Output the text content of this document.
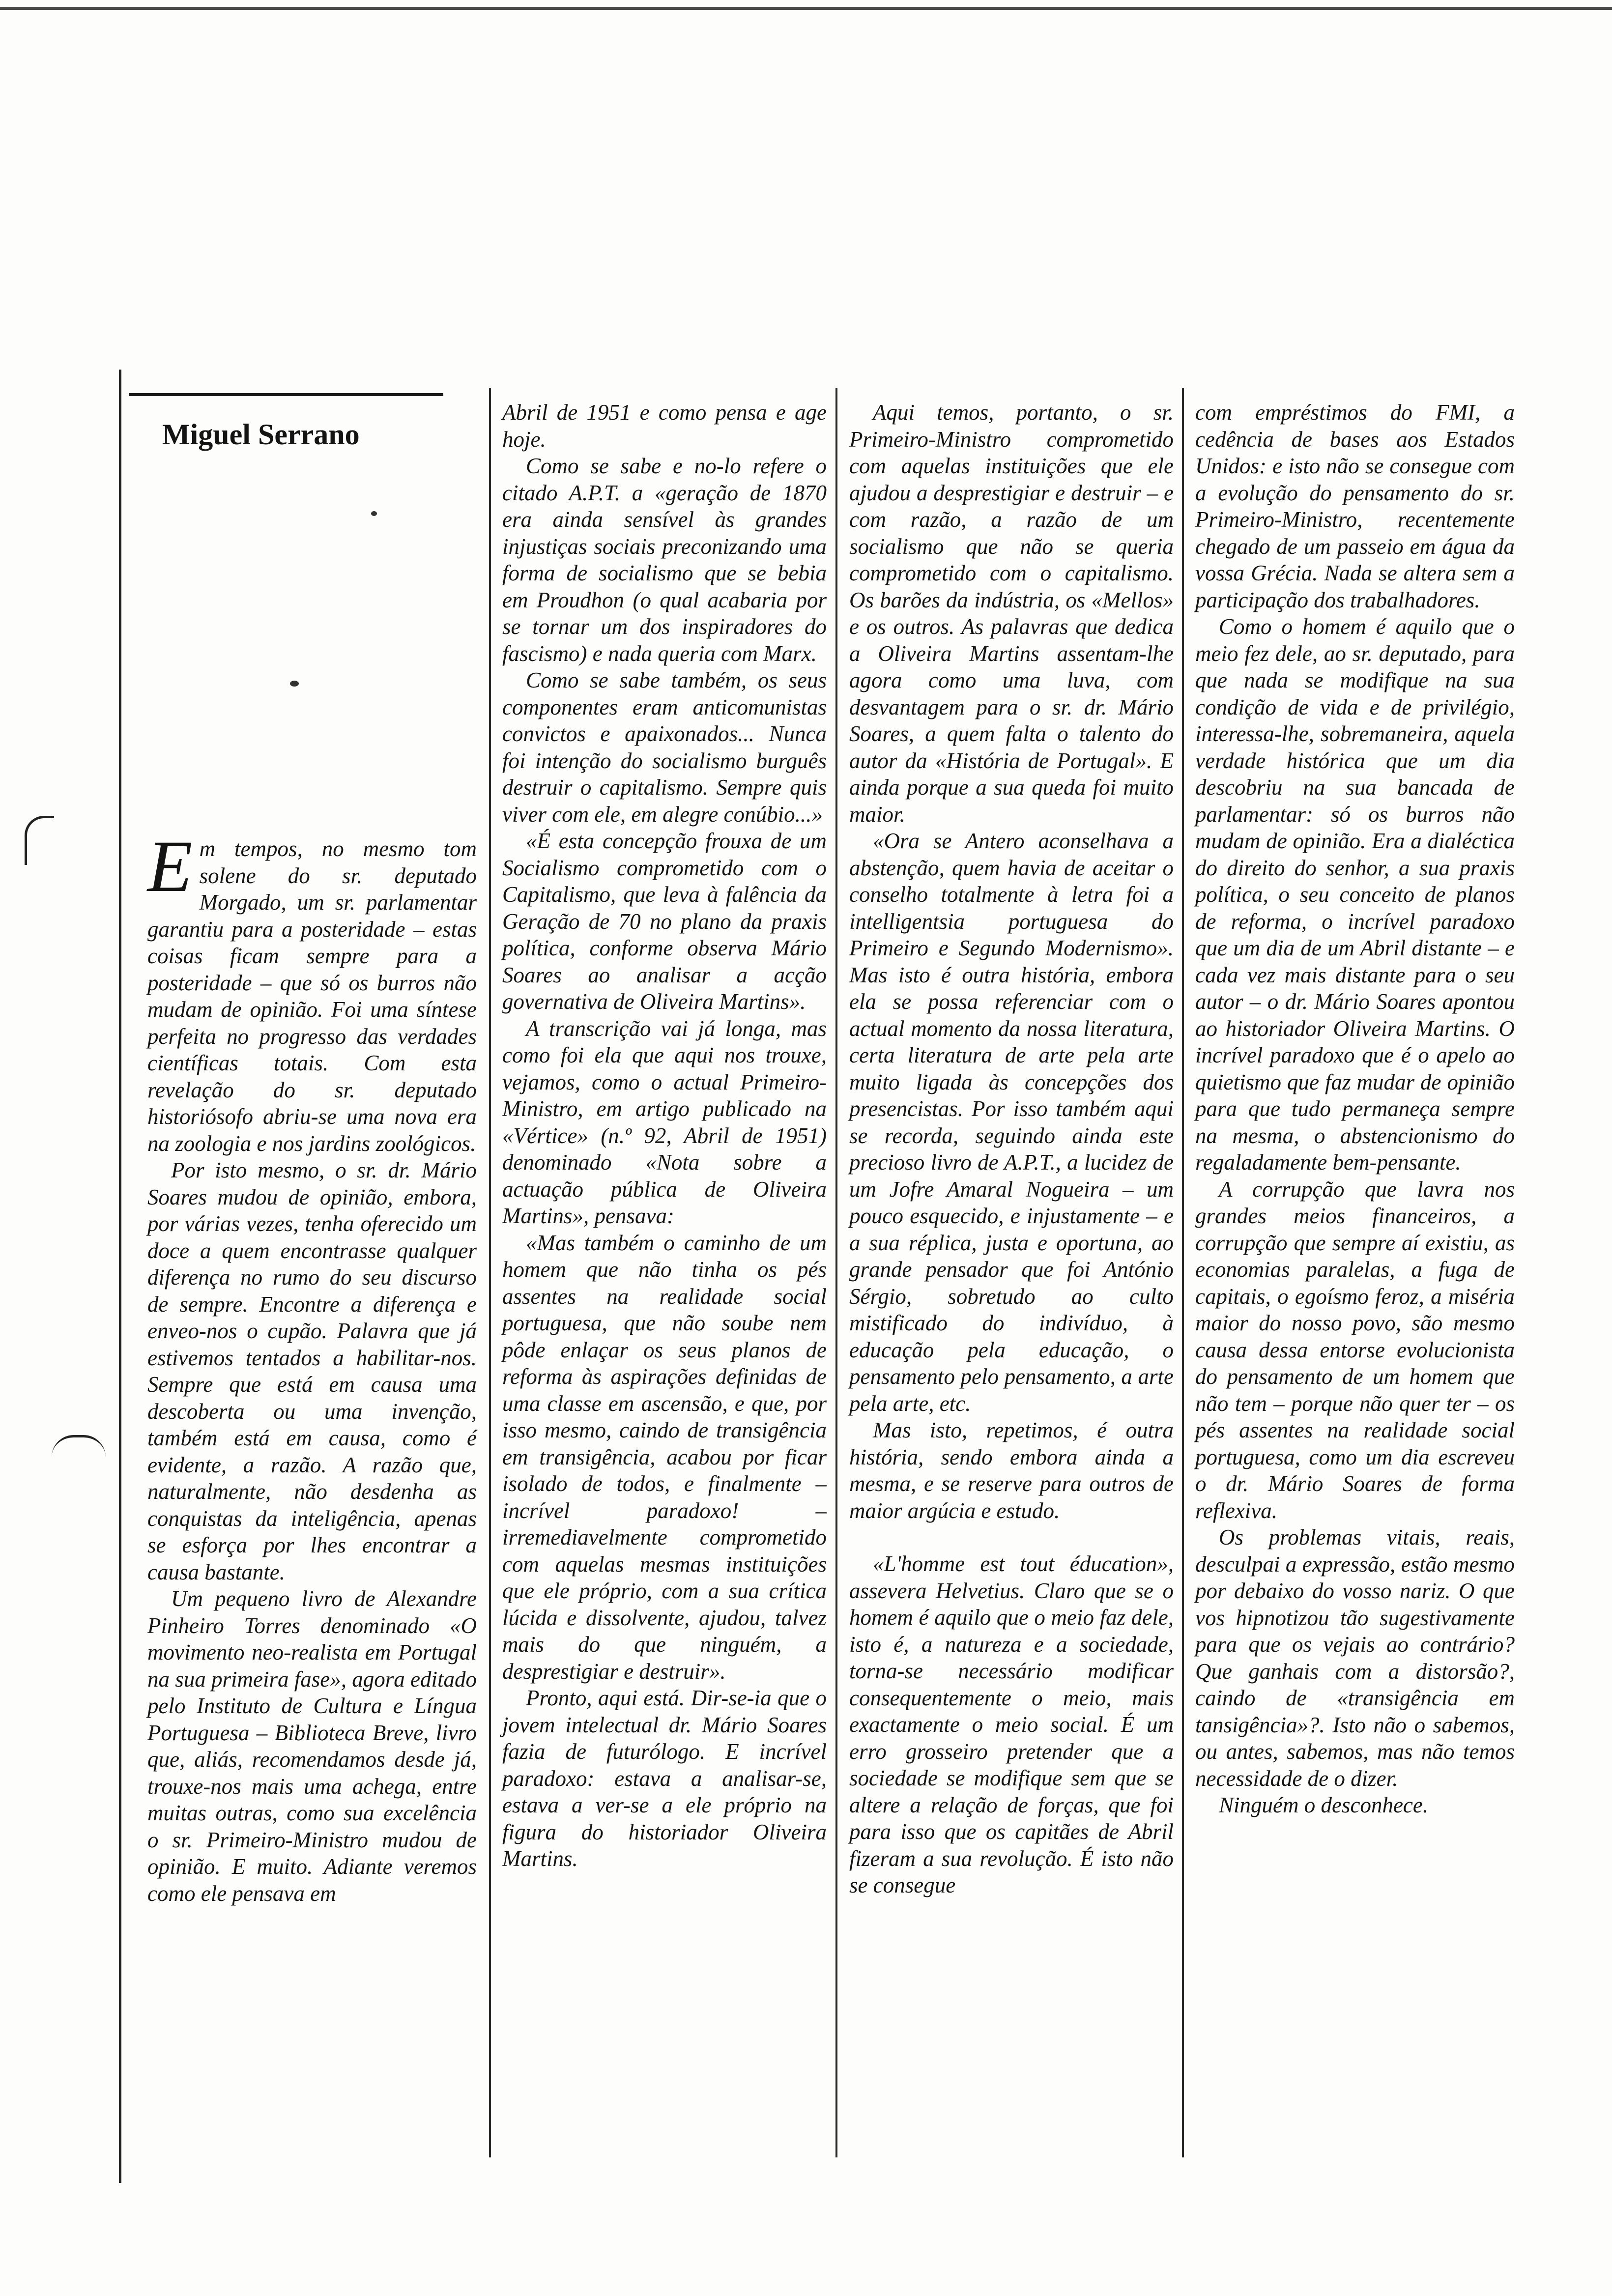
Miguel Serrano

Em tempos, no mesmo tom solene do sr. deputado Morgado, um sr. parlamentar garantiu para a posteridade – estas coisas ficam sempre para a posteridade – que só os burros não mudam de opinião. Foi uma síntese perfeita no progresso das verdades científicas totais. Com esta revelação do sr. deputado historiósofo abriu-se uma nova era na zoologia e nos jardins zoológicos.

Por isto mesmo, o sr. dr. Mário Soares mudou de opinião, embora, por várias vezes, tenha oferecido um doce a quem encontrasse qualquer diferença no rumo do seu discurso de sempre. Encontre a diferença e enveo-nos o cupão. Palavra que já estivemos tentados a habilitar-nos. Sempre que está em causa uma descoberta ou uma invenção, também está em causa, como é evidente, a razão. A razão que, naturalmente, não desdenha as conquistas da inteligência, apenas se esforça por lhes encontrar a causa bastante.

Um pequeno livro de Alexandre Pinheiro Torres denominado «O movimento neo-realista em Portugal na sua primeira fase», agora editado pelo Instituto de Cultura e Língua Portuguesa – Biblioteca Breve, livro que, aliás, recomendamos desde já, trouxe-nos mais uma achega, entre muitas outras, como sua excelência o sr. Primeiro-Ministro mudou de opinião. E muito. Adiante veremos como ele pensava em

Abril de 1951 e como pensa e age hoje.

Como se sabe e no-lo refere o citado A.P.T. a «geração de 1870 era ainda sensível às grandes injustiças sociais preconizando uma forma de socialismo que se bebia em Proudhon (o qual acabaria por se tornar um dos inspiradores do fascismo) e nada queria com Marx.

Como se sabe também, os seus componentes eram anticomunistas convictos e apaixonados... Nunca foi intenção do socialismo burguês destruir o capitalismo. Sempre quis viver com ele, em alegre conúbio...»

«É esta concepção frouxa de um Socialismo comprometido com o Capitalismo, que leva à falência da Geração de 70 no plano da praxis política, conforme observa Mário Soares ao analisar a acção governativa de Oliveira Martins».

A transcrição vai já longa, mas como foi ela que aqui nos trouxe, vejamos, como o actual Primeiro-Ministro, em artigo publicado na «Vértice» (n.º 92, Abril de 1951) denominado «Nota sobre a actuação pública de Oliveira Martins», pensava:

«Mas também o caminho de um homem que não tinha os pés assentes na realidade social portuguesa, que não soube nem pôde enlaçar os seus planos de reforma às aspirações definidas de uma classe em ascensão, e que, por isso mesmo, caindo de transigência em transigência, acabou por ficar isolado de todos, e finalmente – incrível paradoxo! – irremediavelmente comprometido com aquelas mesmas instituições que ele próprio, com a sua crítica lúcida e dissolvente, ajudou, talvez mais do que ninguém, a desprestigiar e destruir».

Pronto, aqui está. Dir-se-ia que o jovem intelectual dr. Mário Soares fazia de futurólogo. E incrível paradoxo: estava a analisar-se, estava a ver-se a ele próprio na figura do historiador Oliveira Martins.

Aqui temos, portanto, o sr. Primeiro-Ministro comprometido com aquelas instituições que ele ajudou a desprestigiar e destruir – e com razão, a razão de um socialismo que não se queria comprometido com o capitalismo. Os barões da indústria, os «Mellos» e os outros. As palavras que dedica a Oliveira Martins assentam-lhe agora como uma luva, com desvantagem para o sr. dr. Mário Soares, a quem falta o talento do autor da «História de Portugal». E ainda porque a sua queda foi muito maior.

«Ora se Antero aconselhava a abstenção, quem havia de aceitar o conselho totalmente à letra foi a intelligentsia portuguesa do Primeiro e Segundo Modernismo». Mas isto é outra história, embora ela se possa referenciar com o actual momento da nossa literatura, certa literatura de arte pela arte muito ligada às concepções dos presencistas. Por isso também aqui se recorda, seguindo ainda este precioso livro de A.P.T., a lucidez de um Jofre Amaral Nogueira – um pouco esquecido, e injustamente – e a sua réplica, justa e oportuna, ao grande pensador que foi António Sérgio, sobretudo ao culto mistificado do indivíduo, à educação pela educação, o pensamento pelo pensamento, a arte pela arte, etc.

Mas isto, repetimos, é outra história, sendo embora ainda a mesma, e se reserve para outros de maior argúcia e estudo.

«L'homme est tout éducation», assevera Helvetius. Claro que se o homem é aquilo que o meio faz dele, isto é, a natureza e a sociedade, torna-se necessário modificar consequentemente o meio, mais exactamente o meio social. É um erro grosseiro pretender que a sociedade se modifique sem que se altere a relação de forças, que foi para isso que os capitães de Abril fizeram a sua revolução. É isto não se consegue

com empréstimos do FMI, a cedência de bases aos Estados Unidos: e isto não se consegue com a evolução do pensamento do sr. Primeiro-Ministro, recentemente chegado de um passeio em água da vossa Grécia. Nada se altera sem a participação dos trabalhadores.

Como o homem é aquilo que o meio fez dele, ao sr. deputado, para que nada se modifique na sua condição de vida e de privilégio, interessa-lhe, sobremaneira, aquela verdade histórica que um dia descobriu na sua bancada de parlamentar: só os burros não mudam de opinião. Era a dialéctica do direito do senhor, a sua praxis política, o seu conceito de planos de reforma, o incrível paradoxo que um dia de um Abril distante – e cada vez mais distante para o seu autor – o dr. Mário Soares apontou ao historiador Oliveira Martins. O incrível paradoxo que é o apelo ao quietismo que faz mudar de opinião para que tudo permaneça sempre na mesma, o abstencionismo do regaladamente bem-pensante.

A corrupção que lavra nos grandes meios financeiros, a corrupção que sempre aí existiu, as economias paralelas, a fuga de capitais, o egoísmo feroz, a miséria maior do nosso povo, são mesmo causa dessa entorse evolucionista do pensamento de um homem que não tem – porque não quer ter – os pés assentes na realidade social portuguesa, como um dia escreveu o dr. Mário Soares de forma reflexiva.

Os problemas vitais, reais, desculpai a expressão, estão mesmo por debaixo do vosso nariz. O que vos hipnotizou tão sugestivamente para que os vejais ao contrário? Que ganhais com a distorsão?, caindo de «transigência em tansigência»?. Isto não o sabemos, ou antes, sabemos, mas não temos necessidade de o dizer.

Ninguém o desconhece.
